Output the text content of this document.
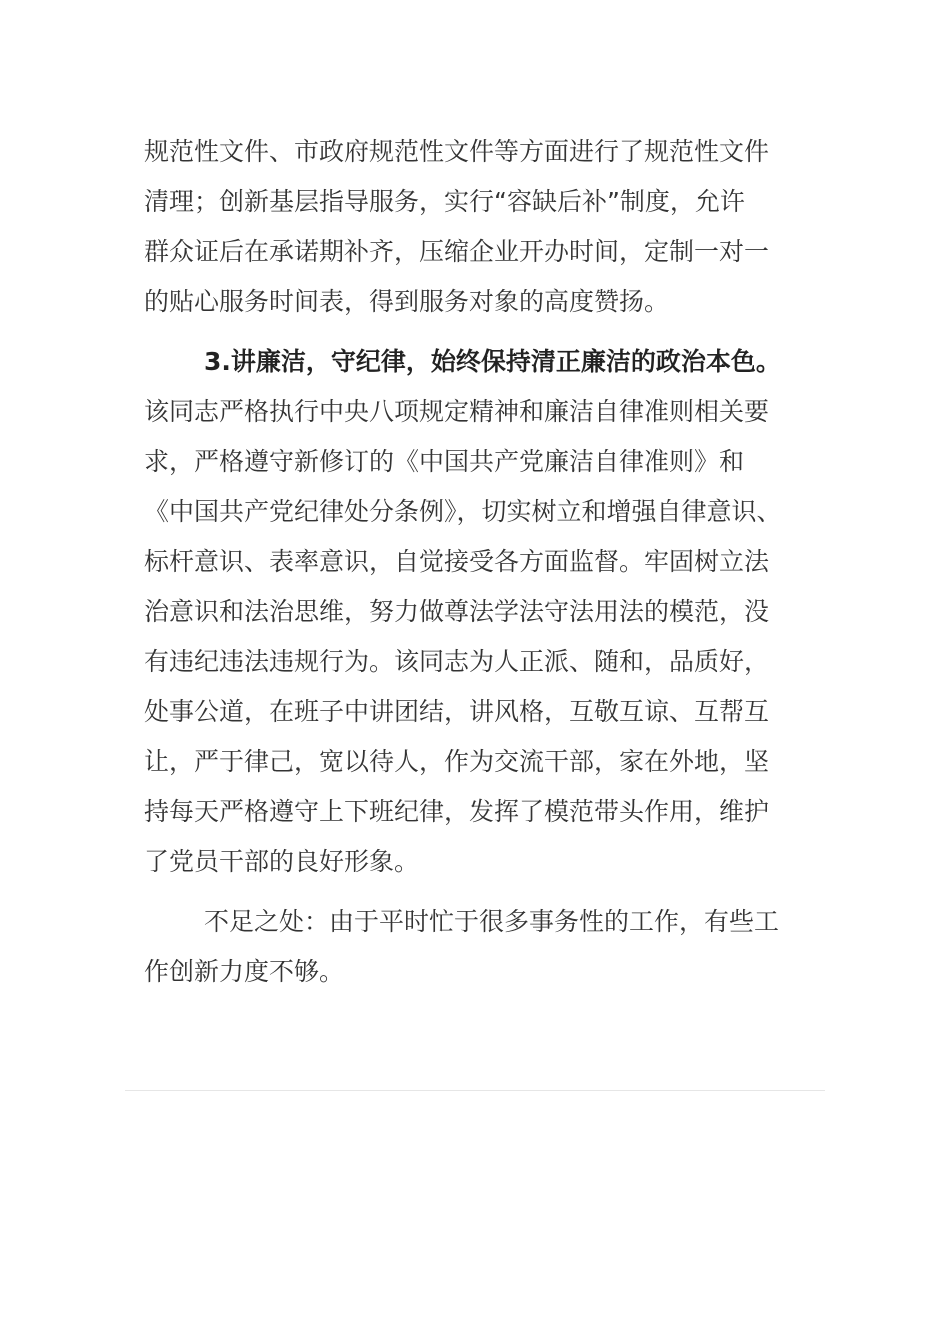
规范性文件、市政府规范性文件等方面进行了规范性文件
清理；创新基层指导服务，实行“容缺后补”制度，允许
群众证后在承诺期补齐，压缩企业开办时间，定制一对一
的贴心服务时间表，得到服务对象的高度赞扬。
3.讲廉洁，守纪律，始终保持清正廉洁的政治本色。
该同志严格执行中央八项规定精神和廉洁自律准则相关要
求，严格遵守新修订的《中国共产党廉洁自律准则》和
《中国共产党纪律处分条例》，切实树立和增强自律意识、
标杆意识、表率意识，自觉接受各方面监督。牢固树立法
治意识和法治思维，努力做尊法学法守法用法的模范，没
有违纪违法违规行为。该同志为人正派、随和，品质好，
处事公道，在班子中讲团结，讲风格，互敬互谅、互帮互
让，严于律己，宽以待人，作为交流干部，家在外地，坚
持每天严格遵守上下班纪律，发挥了模范带头作用，维护
了党员干部的良好形象。
不足之处：由于平时忙于很多事务性的工作，有些工
作创新力度不够。
